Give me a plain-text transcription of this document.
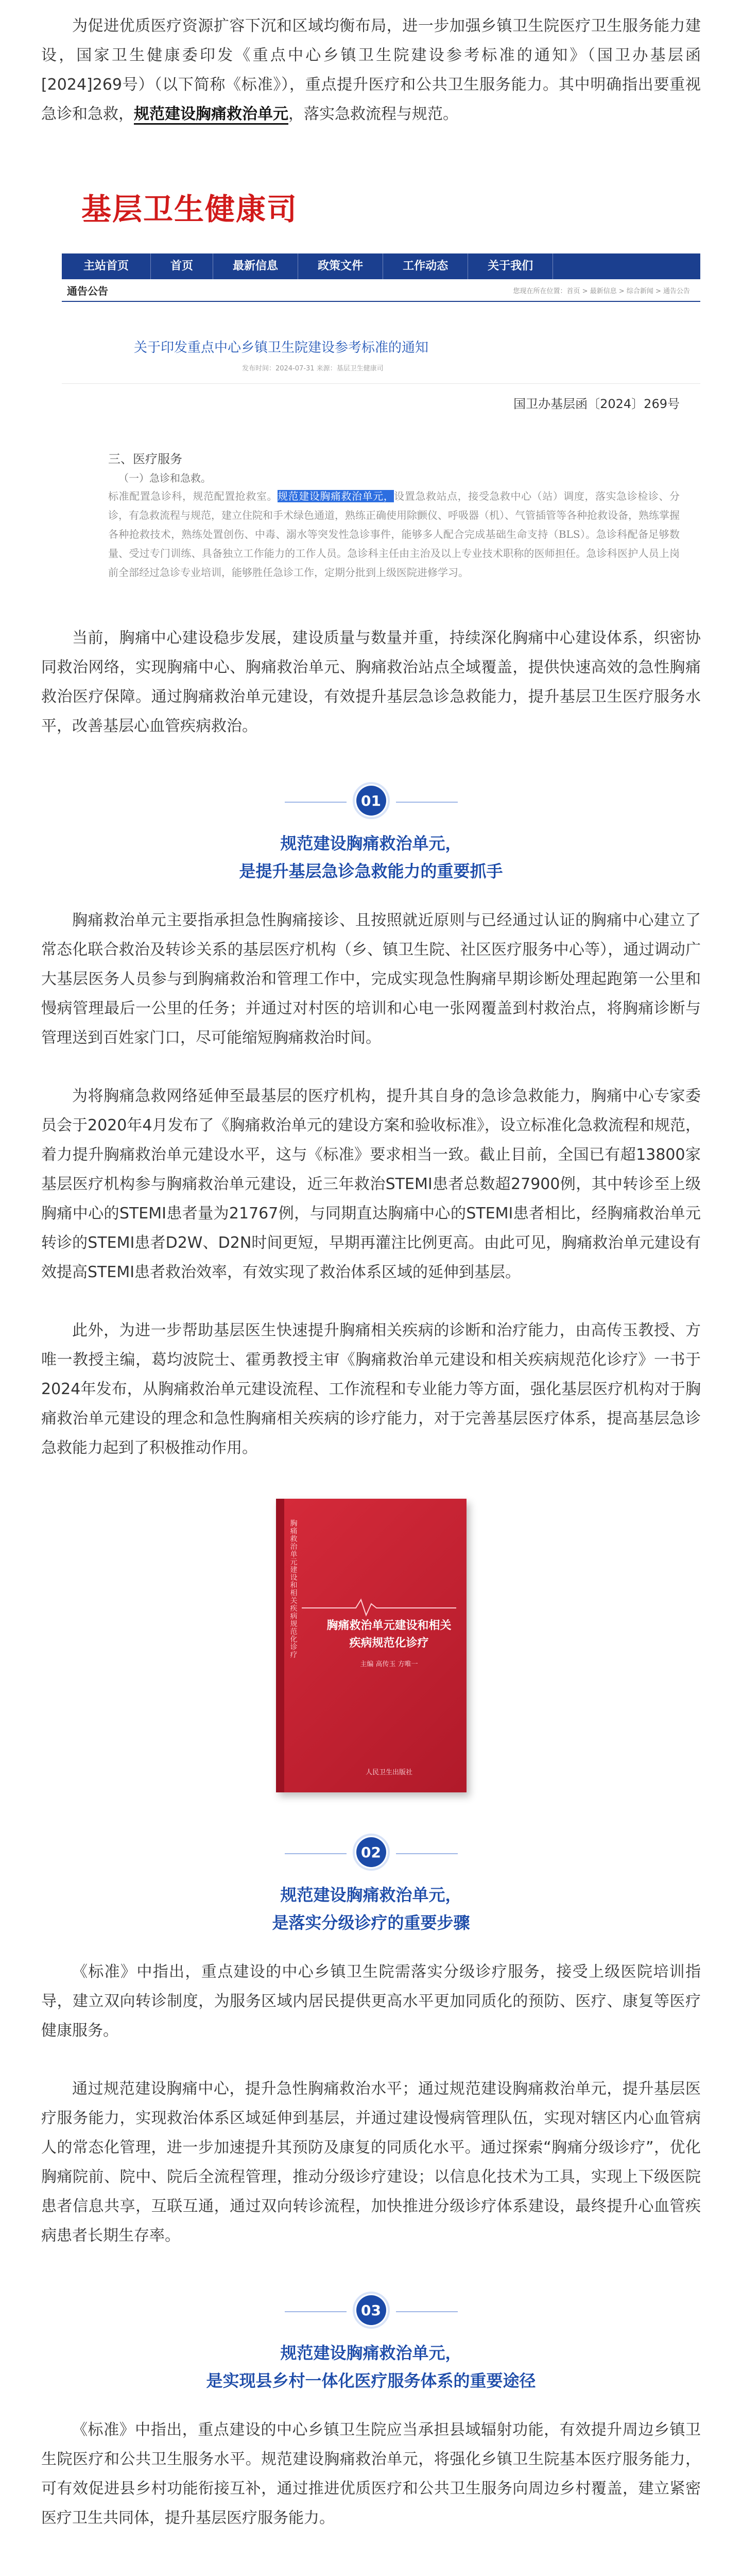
为促进优质医疗资源扩容下沉和区域均衡布局，进一步加强乡镇卫生院医疗卫生服务能力建设，国家卫生健康委印发《重点中心乡镇卫生院建设参考标准的通知》（国卫办基层函[2024]269号）（以下简称《标准》），重点提升医疗和公共卫生服务能力。其中明确指出要重视急诊和急救，规范建设胸痛救治单元，落实急救流程与规范。

基层卫生健康司
主站首页	首页	最新信息	政策文件	工作动态	关于我们
通告公告	您现在所在位置：首页 > 最新信息 > 综合新闻 > 通告公告
关于印发重点中心乡镇卫生院建设参考标准的通知
发布时间：2024-07-31 来源：基层卫生健康司
国卫办基层函〔2024〕269号
三、医疗服务
（一）急诊和急救。
标准配置急诊科，规范配置抢救室。规范建设胸痛救治单元，设置急救站点，接受急救中心（站）调度，落实急诊检诊、分诊，有急救流程与规范，建立住院和手术绿色通道，熟练正确使用除颤仪、呼吸器（机）、气管插管等各种抢救设备，熟练掌握各种抢救技术，熟练处置创伤、中毒、溺水等突发性急诊事件，能够多人配合完成基础生命支持（BLS）。急诊科配备足够数量、受过专门训练、具备独立工作能力的工作人员。急诊科主任由主治及以上专业技术职称的医师担任。急诊科医护人员上岗前全部经过急诊专业培训，能够胜任急诊工作，定期分批到上级医院进修学习。

当前，胸痛中心建设稳步发展，建设质量与数量并重，持续深化胸痛中心建设体系，织密协同救治网络，实现胸痛中心、胸痛救治单元、胸痛救治站点全域覆盖，提供快速高效的急性胸痛救治医疗保障。通过胸痛救治单元建设，有效提升基层急诊急救能力，提升基层卫生医疗服务水平，改善基层心血管疾病救治。

01
规范建设胸痛救治单元，
是提升基层急诊急救能力的重要抓手

胸痛救治单元主要指承担急性胸痛接诊、且按照就近原则与已经通过认证的胸痛中心建立了常态化联合救治及转诊关系的基层医疗机构（乡、镇卫生院、社区医疗服务中心等），通过调动广大基层医务人员参与到胸痛救治和管理工作中，完成实现急性胸痛早期诊断处理起跑第一公里和慢病管理最后一公里的任务；并通过对村医的培训和心电一张网覆盖到村救治点，将胸痛诊断与管理送到百姓家门口，尽可能缩短胸痛救治时间。

为将胸痛急救网络延伸至最基层的医疗机构，提升其自身的急诊急救能力，胸痛中心专家委员会于2020年4月发布了《胸痛救治单元的建设方案和验收标准》，设立标准化急救流程和规范，着力提升胸痛救治单元建设水平，这与《标准》要求相当一致。截止目前，全国已有超13800家基层医疗机构参与胸痛救治单元建设，近三年救治STEMI患者总数超27900例，其中转诊至上级胸痛中心的STEMI患者量为21767例，与同期直达胸痛中心的STEMI患者相比，经胸痛救治单元转诊的STEMI患者D2W、D2N时间更短，早期再灌注比例更高。由此可见，胸痛救治单元建设有效提高STEMI患者救治效率，有效实现了救治体系区域的延伸到基层。

此外，为进一步帮助基层医生快速提升胸痛相关疾病的诊断和治疗能力，由高传玉教授、方唯一教授主编，葛均波院士、霍勇教授主审《胸痛救治单元建设和相关疾病规范化诊疗》一书于2024年发布，从胸痛救治单元建设流程、工作流程和专业能力等方面，强化基层医疗机构对于胸痛救治单元建设的理念和急性胸痛相关疾病的诊疗能力，对于完善基层医疗体系，提高基层急诊急救能力起到了积极推动作用。

胸痛救治单元建设和相关疾病规范化诊疗	胸痛救治单元建设和相关疾病规范化诊疗
主编 高传玉 方唯一
人民卫生出版社
02
规范建设胸痛救治单元，
是落实分级诊疗的重要步骤

《标准》中指出，重点建设的中心乡镇卫生院需落实分级诊疗服务，接受上级医院培训指导，建立双向转诊制度，为服务区域内居民提供更高水平更加同质化的预防、医疗、康复等医疗健康服务。

通过规范建设胸痛中心，提升急性胸痛救治水平；通过规范建设胸痛救治单元，提升基层医疗服务能力，实现救治体系区域延伸到基层，并通过建设慢病管理队伍，实现对辖区内心血管病人的常态化管理，进一步加速提升其预防及康复的同质化水平。通过探索“胸痛分级诊疗”，优化胸痛院前、院中、院后全流程管理，推动分级诊疗建设；以信息化技术为工具，实现上下级医院患者信息共享，互联互通，通过双向转诊流程，加快推进分级诊疗体系建设，最终提升心血管疾病患者长期生存率。

03
规范建设胸痛救治单元，
是实现县乡村一体化医疗服务体系的重要途径

《标准》中指出，重点建设的中心乡镇卫生院应当承担县域辐射功能，有效提升周边乡镇卫生院医疗和公共卫生服务水平。规范建设胸痛救治单元，将强化乡镇卫生院基本医疗服务能力，可有效促进县乡村功能衔接互补，通过推进优质医疗和公共卫生服务向周边乡村覆盖，建立紧密医疗卫生共同体，提升基层医疗服务能力。
